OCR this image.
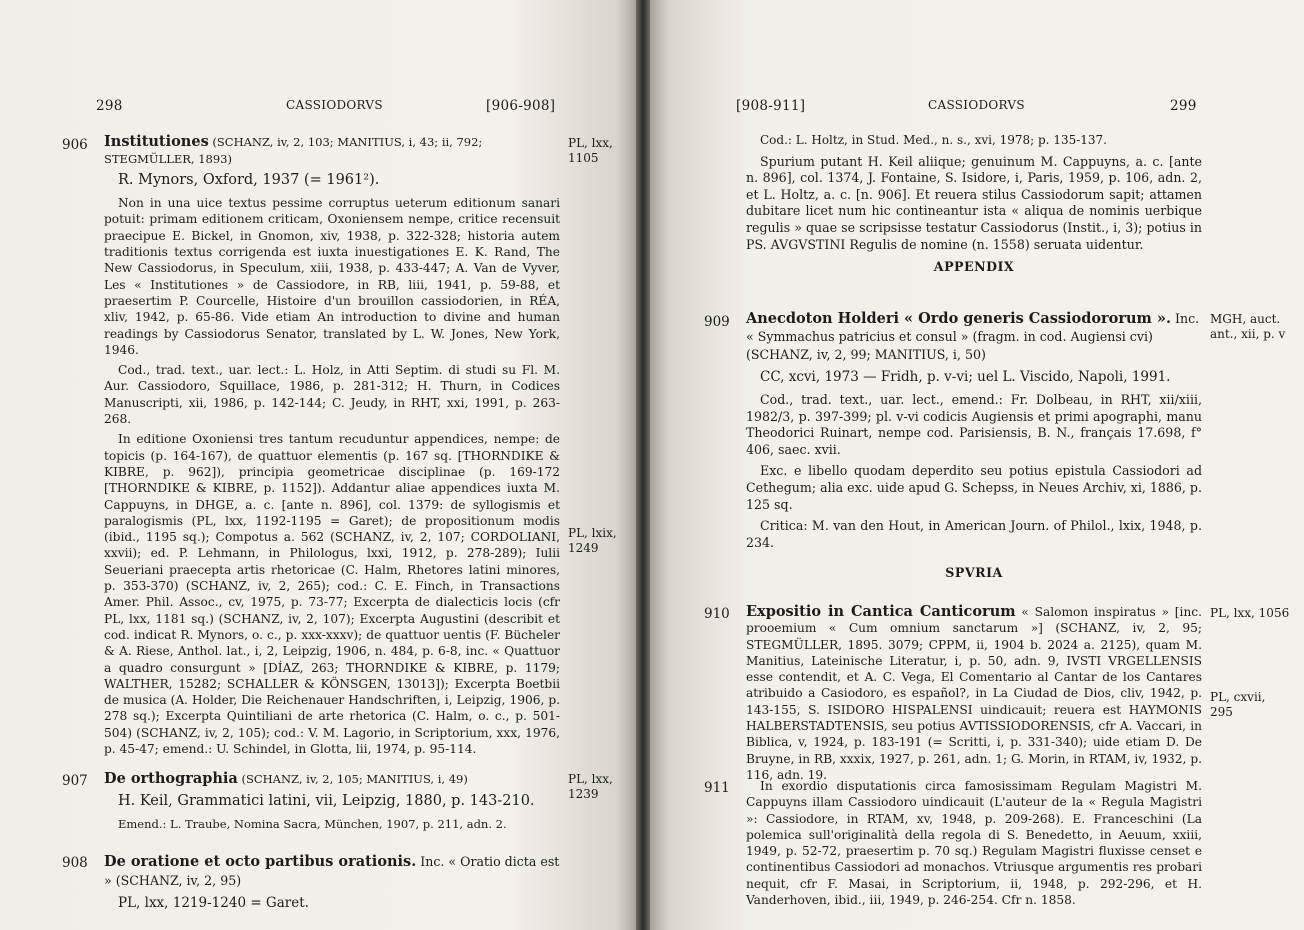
298	CASSIODORVS	[906-908]
906	PL, lxx, 1105
PL, lxix, 1249
Institutiones (SCHANZ, iv, 2, 103; MANITIUS, i, 43; ii, 792; STEGMÜLLER, 1893)
R. Mynors, Oxford, 1937 (= 1961²).

Non in una uice textus pessime corruptus ueterum editionum sanari potuit: primam editionem criticam, Oxoniensem nempe, critice recensuit praecipue E. Bickel, in Gnomon, xiv, 1938, p. 322-328; historia autem traditionis textus corrigenda est iuxta inuestigationes E. K. Rand, The New Cassiodorus, in Speculum, xiii, 1938, p. 433-447; A. Van de Vyver, Les « Institutiones » de Cassiodore, in RB, liii, 1941, p. 59-88, et praesertim P. Courcelle, Histoire d'un brouillon cassiodorien, in RÉA, xliv, 1942, p. 65-86. Vide etiam An introduction to divine and human readings by Cassiodorus Senator, translated by L. W. Jones, New York, 1946.

Cod., trad. text., uar. lect.: L. Holz, in Atti Septim. di studi su Fl. M. Aur. Cassiodoro, Squillace, 1986, p. 281-312; H. Thurn, in Codices Manuscripti, xii, 1986, p. 142-144; C. Jeudy, in RHT, xxi, 1991, p. 263-268.

In editione Oxoniensi tres tantum recuduntur appendices, nempe: de topicis (p. 164-167), de quattuor elementis (p. 167 sq. [THORNDIKE & KIBRE, p. 962]), principia geometricae disciplinae (p. 169-172 [THORNDIKE & KIBRE, p. 1152]). Addantur aliae appendices iuxta M. Cappuyns, in DHGE, a. c. [ante n. 896], col. 1379: de syllogismis et paralogismis (PL, lxx, 1192-1195 = Garet); de propositionum modis (ibid., 1195 sq.); Compotus a. 562 (SCHANZ, iv, 2, 107; CORDOLIANI, xxvii); ed. P. Lehmann, in Philologus, lxxi, 1912, p. 278-289); Iulii Seueriani praecepta artis rhetoricae (C. Halm, Rhetores latini minores, p. 353-370) (SCHANZ, iv, 2, 265); cod.: C. E. Finch, in Transactions Amer. Phil. Assoc., cv, 1975, p. 73-77; Excerpta de dialecticis locis (cfr PL, lxx, 1181 sq.) (SCHANZ, iv, 2, 107); Excerpta Augustini (describit et cod. indicat R. Mynors, o. c., p. xxx-xxxv); de quattuor uentis (F. Bücheler & A. Riese, Anthol. lat., i, 2, Leipzig, 1906, n. 484, p. 6-8, inc. « Quattuor a quadro consurgunt » [DÍAZ, 263; THORNDIKE & KIBRE, p. 1179; WALTHER, 15282; SCHALLER & KÖNSGEN, 13013]); Excerpta Boetbii de musica (A. Holder, Die Reichenauer Handschriften, i, Leipzig, 1906, p. 278 sq.); Excerpta Quintiliani de arte rhetorica (C. Halm, o. c., p. 501-504) (SCHANZ, iv, 2, 105); cod.: V. M. Lagorio, in Scriptorium, xxx, 1976, p. 45-47; emend.: U. Schindel, in Glotta, lii, 1974, p. 95-114.

907	PL, lxx, 1239
De orthographia (SCHANZ, iv, 2, 105; MANITIUS, i, 49)
H. Keil, Grammatici latini, vii, Leipzig, 1880, p. 143-210.

Emend.: L. Traube, Nomina Sacra, München, 1907, p. 211, adn. 2.

908 De oratione et octo partibus orationis. Inc. « Oratio dicta est » (SCHANZ, iv, 2, 95)
PL, lxx, 1219-1240 = Garet.
[908-911]	CASSIODORVS	299

Cod.: L. Holtz, in Stud. Med., n. s., xvi, 1978; p. 135-137.

Spurium putant H. Keil aliique; genuinum M. Cappuyns, a. c. [ante n. 896], col. 1374, J. Fontaine, S. Isidore, i, Paris, 1959, p. 106, adn. 2, et L. Holtz, a. c. [n. 906]. Et reuera stilus Cassiodorum sapit; attamen dubitare licet num hic contineantur ista « aliqua de nominis uerbique regulis » quae se scripsisse testatur Cassiodorus (Instit., i, 3); potius in PS. AVGVSTINI Regulis de nomine (n. 1558) seruata uidentur.

APPENDIX
909	MGH, auct. ant., xii, p. v
Anecdoton Holderi « Ordo generis Cassiodororum ». Inc. « Symmachus patricius et consul » (fragm. in cod. Augiensi cvi) (SCHANZ, iv, 2, 99; MANITIUS, i, 50)
CC, xcvi, 1973 — Fridh, p. v-vi; uel L. Viscido, Napoli, 1991.

Cod., trad. text., uar. lect., emend.: Fr. Dolbeau, in RHT, xii/xiii, 1982/3, p. 397-399; pl. v-vi codicis Augiensis et primi apographi, manu Theodorici Ruinart, nempe cod. Parisiensis, B. N., français 17.698, f° 406, saec. xvii.

Exc. e libello quodam deperdito seu potius epistula Cassiodori ad Cethegum; alia exc. uide apud G. Schepss, in Neues Archiv, xi, 1886, p. 125 sq.

Critica: M. van den Hout, in American Journ. of Philol., lxix, 1948, p. 234.

SPVRIA
910	PL, lxx, 1056
PL, cxvii, 295
Expositio in Cantica Canticorum « Salomon inspiratus » [inc. prooemium « Cum omnium sanctarum »] (SCHANZ, iv, 2, 95; STEGMÜLLER, 1895. 3079; CPPM, ii, 1904 b. 2024 a. 2125), quam M. Manitius, Lateinische Literatur, i, p. 50, adn. 9, IVSTI VRGELLENSIS esse contendit, et A. C. Vega, El Comentario al Cantar de los Cantares atribuido a Casiodoro, es español?, in La Ciudad de Dios, cliv, 1942, p. 143-155, S. ISIDORO HISPALENSI uindicauit; reuera est HAYMONIS HALBERSTADTENSIS, seu potius AVTISSIODORENSIS, cfr A. Vaccari, in Biblica, v, 1924, p. 183-191 (= Scritti, i, p. 331-340); uide etiam D. De Bruyne, in RB, xxxix, 1927, p. 261, adn. 1; G. Morin, in RTAM, iv, 1932, p. 116, adn. 19.
911	In exordio disputationis circa famosissimam Regulam Magistri M. Cappuyns illam Cassiodoro uindicauit (L'auteur de la « Regula Magistri »: Cassiodore, in RTAM, xv, 1948, p. 209-268). E. Franceschini (La polemica sull'originalità della regola di S. Benedetto, in Aeuum, xxiii, 1949, p. 52-72, praesertim p. 70 sq.) Regulam Magistri fluxisse censet e continentibus Cassiodori ad monachos. Vtriusque argumentis res probari nequit, cfr F. Masai, in Scriptorium, ii, 1948, p. 292-296, et H. Vanderhoven, ibid., iii, 1949, p. 246-254. Cfr n. 1858.
